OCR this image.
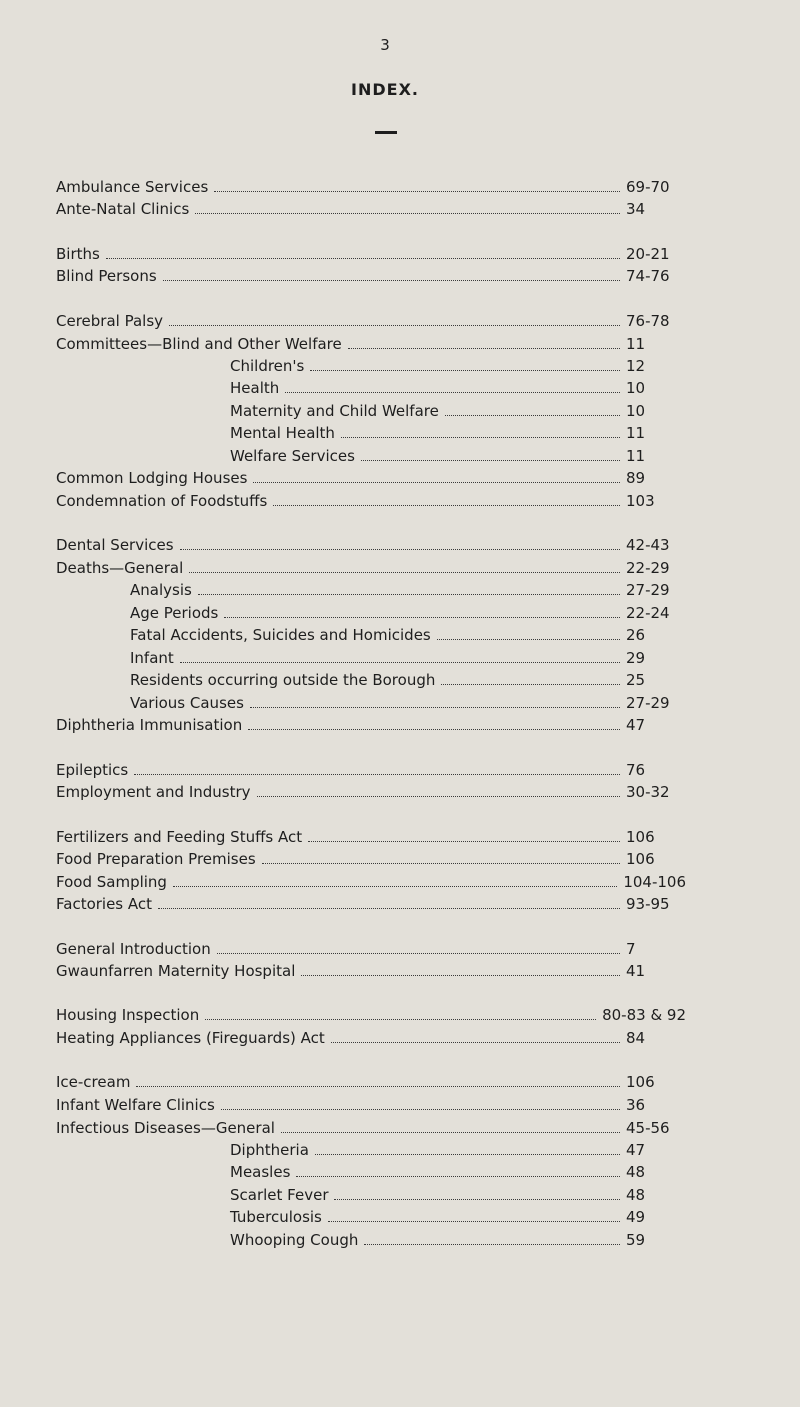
3
INDEX.
Ambulance Services	69-70
Ante-Natal Clinics	34
Births	20-21
Blind Persons	74-76
Cerebral Palsy	76-78
Committees—Blind and Other Welfare	11
Children's	12
Health	10
Maternity and Child Welfare	10
Mental Health	11
Welfare Services	11
Common Lodging Houses	89
Condemnation of Foodstuffs	103
Dental Services	42-43
Deaths—General	22-29
Analysis	27-29
Age Periods	22-24
Fatal Accidents, Suicides and Homicides	26
Infant	29
Residents occurring outside the Borough	25
Various Causes	27-29
Diphtheria Immunisation	47
Epileptics	76
Employment and Industry	30-32
Fertilizers and Feeding Stuffs Act	106
Food Preparation Premises	106
Food Sampling	104-106
Factories Act	93-95
General Introduction	7
Gwaunfarren Maternity Hospital	41
Housing Inspection	80-83 & 92
Heating Appliances (Fireguards) Act	84
Ice-cream	106
Infant Welfare Clinics	36
Infectious Diseases—General	45-56
Diphtheria	47
Measles	48
Scarlet Fever	48
Tuberculosis	49
Whooping Cough	59
